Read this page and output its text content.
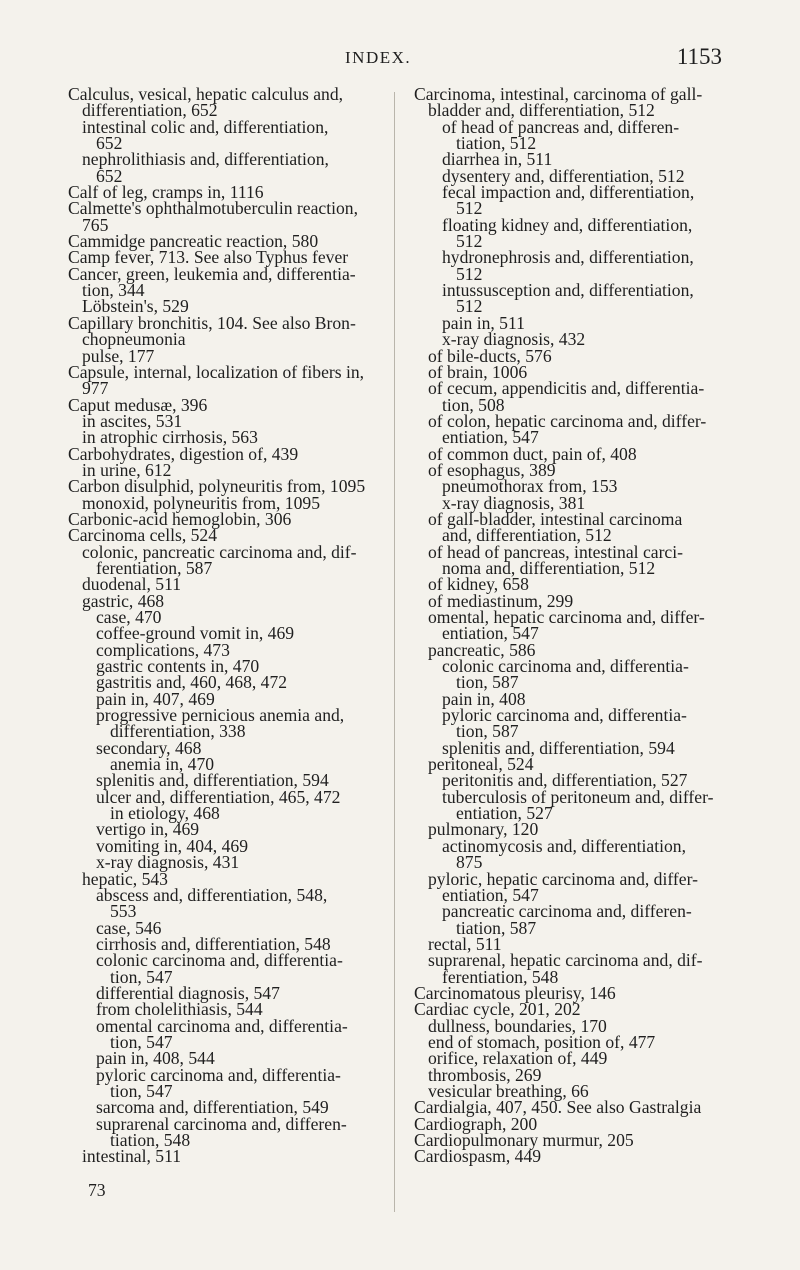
INDEX.	1153
Calculus, vesical, hepatic calculus and,
differentiation, 652
intestinal colic and, differentiation,
652
nephrolithiasis and, differentiation,
652
Calf of leg, cramps in, 1116
Calmette's ophthalmotuberculin reaction,
765
Cammidge pancreatic reaction, 580
Camp fever, 713. See also Typhus fever
Cancer, green, leukemia and, differentia-
tion, 344
Löbstein's, 529
Capillary bronchitis, 104. See also Bron-
chopneumonia
pulse, 177
Capsule, internal, localization of fibers in,
977
Caput medusæ, 396
in ascites, 531
in atrophic cirrhosis, 563
Carbohydrates, digestion of, 439
in urine, 612
Carbon disulphid, polyneuritis from, 1095
monoxid, polyneuritis from, 1095
Carbonic-acid hemoglobin, 306
Carcinoma cells, 524
colonic, pancreatic carcinoma and, dif-
ferentiation, 587
duodenal, 511
gastric, 468
case, 470
coffee-ground vomit in, 469
complications, 473
gastric contents in, 470
gastritis and, 460, 468, 472
pain in, 407, 469
progressive pernicious anemia and,
differentiation, 338
secondary, 468
anemia in, 470
splenitis and, differentiation, 594
ulcer and, differentiation, 465, 472
in etiology, 468
vertigo in, 469
vomiting in, 404, 469
x-ray diagnosis, 431
hepatic, 543
abscess and, differentiation, 548,
553
case, 546
cirrhosis and, differentiation, 548
colonic carcinoma and, differentia-
tion, 547
differential diagnosis, 547
from cholelithiasis, 544
omental carcinoma and, differentia-
tion, 547
pain in, 408, 544
pyloric carcinoma and, differentia-
tion, 547
sarcoma and, differentiation, 549
suprarenal carcinoma and, differen-
tiation, 548
intestinal, 511
Carcinoma, intestinal, carcinoma of gall-
bladder and, differentiation, 512
of head of pancreas and, differen-
tiation, 512
diarrhea in, 511
dysentery and, differentiation, 512
fecal impaction and, differentiation,
512
floating kidney and, differentiation,
512
hydronephrosis and, differentiation,
512
intussusception and, differentiation,
512
pain in, 511
x-ray diagnosis, 432
of bile-ducts, 576
of brain, 1006
of cecum, appendicitis and, differentia-
tion, 508
of colon, hepatic carcinoma and, differ-
entiation, 547
of common duct, pain of, 408
of esophagus, 389
pneumothorax from, 153
x-ray diagnosis, 381
of gall-bladder, intestinal carcinoma
and, differentiation, 512
of head of pancreas, intestinal carci-
noma and, differentiation, 512
of kidney, 658
of mediastinum, 299
omental, hepatic carcinoma and, differ-
entiation, 547
pancreatic, 586
colonic carcinoma and, differentia-
tion, 587
pain in, 408
pyloric carcinoma and, differentia-
tion, 587
splenitis and, differentiation, 594
peritoneal, 524
peritonitis and, differentiation, 527
tuberculosis of peritoneum and, differ-
entiation, 527
pulmonary, 120
actinomycosis and, differentiation,
875
pyloric, hepatic carcinoma and, differ-
entiation, 547
pancreatic carcinoma and, differen-
tiation, 587
rectal, 511
suprarenal, hepatic carcinoma and, dif-
ferentiation, 548
Carcinomatous pleurisy, 146
Cardiac cycle, 201, 202
dullness, boundaries, 170
end of stomach, position of, 477
orifice, relaxation of, 449
thrombosis, 269
vesicular breathing, 66
Cardialgia, 407, 450. See also Gastralgia
Cardiograph, 200
Cardiopulmonary murmur, 205
Cardiospasm, 449
73
